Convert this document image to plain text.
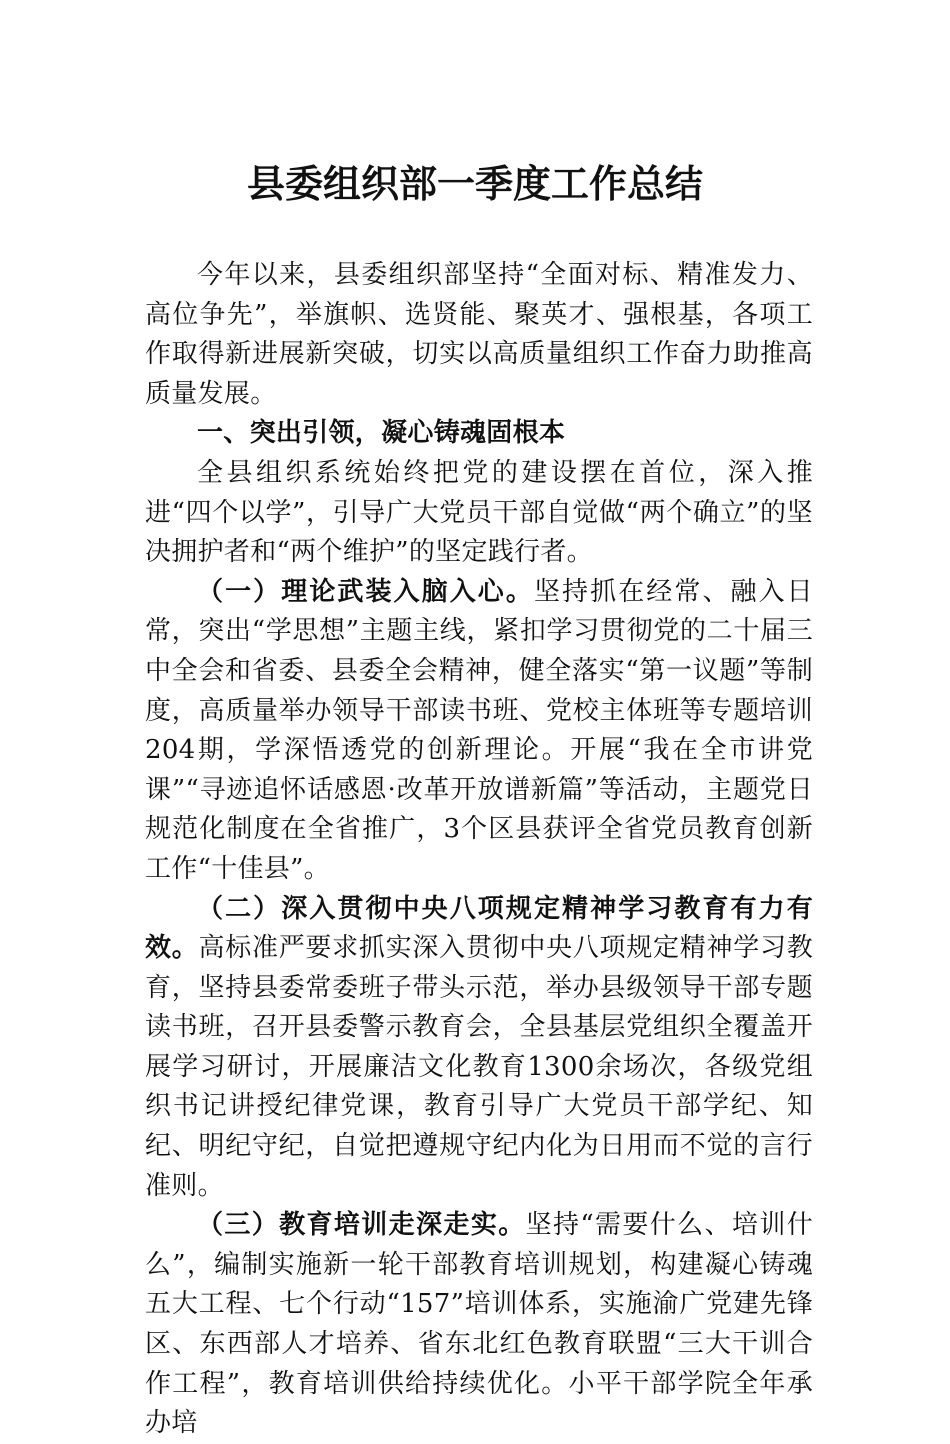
县委组织部一季度工作总结

今年以来，县委组织部坚持“全面对标、精准发力、高位争先”，举旗帜、选贤能、聚英才、强根基，各项工作取得新进展新突破，切实以高质量组织工作奋力助推高质量发展。

一、突出引领，凝心铸魂固根本

全县组织系统始终把党的建设摆在首位，深入推进“四个以学”，引导广大党员干部自觉做“两个确立”的坚决拥护者和“两个维护”的坚定践行者。

（一）理论武装入脑入心。坚持抓在经常、融入日常，突出“学思想”主题主线，紧扣学习贯彻党的二十届三中全会和省委、县委全会精神，健全落实“第一议题”等制度，高质量举办领导干部读书班、党校主体班等专题培训204期，学深悟透党的创新理论。开展“我在全市讲党课”“寻迹追怀话感恩·改革开放谱新篇”等活动，主题党日规范化制度在全省推广，3个区县获评全省党员教育创新工作“十佳县”。

（二）深入贯彻中央八项规定精神学习教育有力有效。高标准严要求抓实深入贯彻中央八项规定精神学习教育，坚持县委常委班子带头示范，举办县级领导干部专题读书班，召开县委警示教育会，全县基层党组织全覆盖开展学习研讨，开展廉洁文化教育1300余场次，各级党组织书记讲授纪律党课，教育引导广大党员干部学纪、知纪、明纪守纪，自觉把遵规守纪内化为日用而不觉的言行准则。

（三）教育培训走深走实。坚持“需要什么、培训什么”，编制实施新一轮干部教育培训规划，构建凝心铸魂五大工程、七个行动“157”培训体系，实施渝广党建先锋区、东西部人才培养、省东北红色教育联盟“三大干训合作工程”，教育培训供给持续优化。小平干部学院全年承办培
